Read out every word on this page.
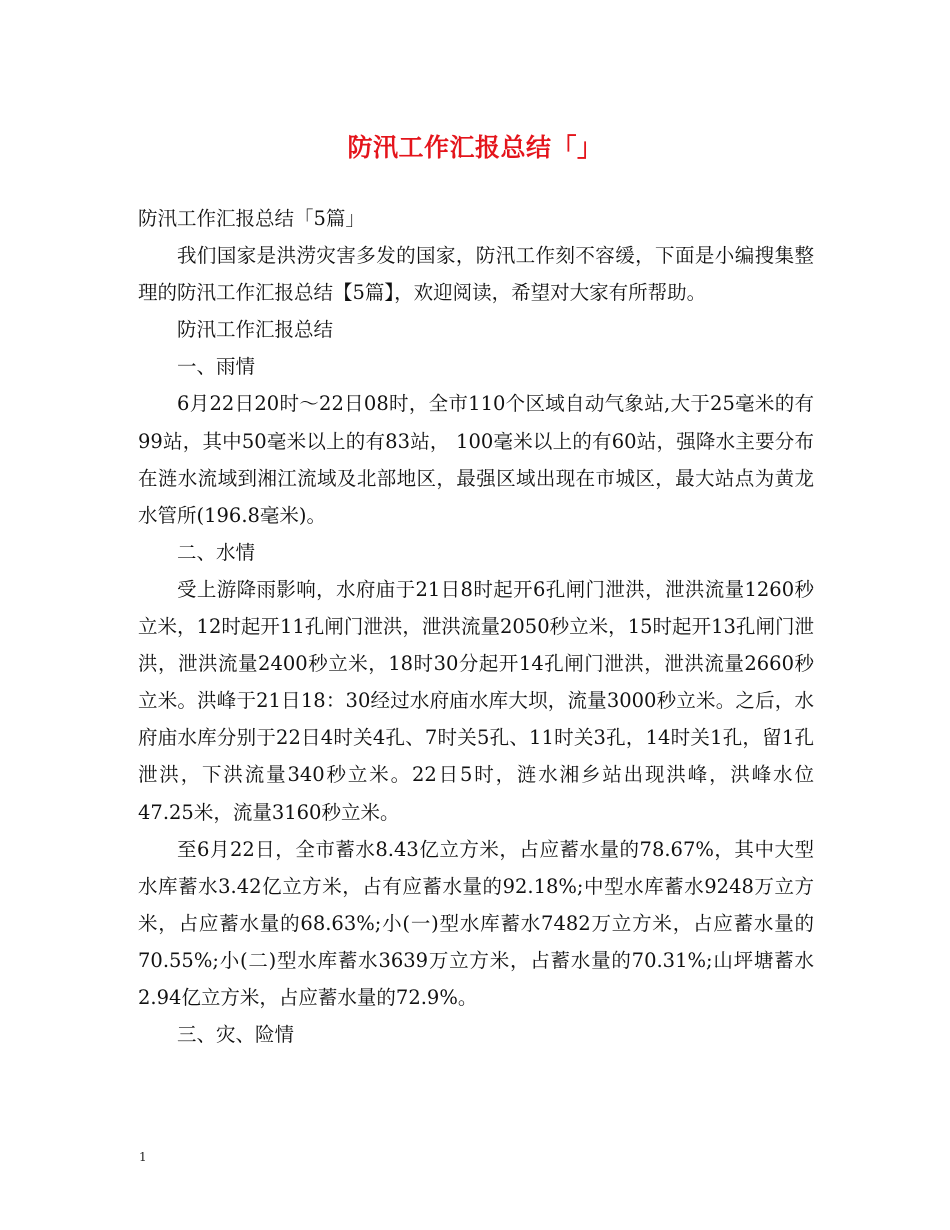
防汛工作汇报总结「」

防汛工作汇报总结「5篇」

我们国家是洪涝灾害多发的国家，防汛工作刻不容缓，下面是小编搜集整理的防汛工作汇报总结【5篇】，欢迎阅读，希望对大家有所帮助。

防汛工作汇报总结

一、雨情

6月22日20时～22日08时，全市110个区域自动气象站,大于25毫米的有99站，其中50毫米以上的有83站， 100毫米以上的有60站，强降水主要分布在涟水流域到湘江流域及北部地区，最强区域出现在市城区，最大站点为黄龙水管所(196.8毫米)。

二、水情

受上游降雨影响，水府庙于21日8时起开6孔闸门泄洪，泄洪流量1260秒立米，12时起开11孔闸门泄洪，泄洪流量2050秒立米，15时起开13孔闸门泄洪，泄洪流量2400秒立米，18时30分起开14孔闸门泄洪，泄洪流量2660秒立米。洪峰于21日18：30经过水府庙水库大坝，流量3000秒立米。之后，水府庙水库分别于22日4时关4孔、7时关5孔、11时关3孔，14时关1孔，留1孔泄洪，下洪流量340秒立米。22日5时，涟水湘乡站出现洪峰，洪峰水位47.25米，流量3160秒立米。

至6月22日，全市蓄水8.43亿立方米，占应蓄水量的78.67%，其中大型水库蓄水3.42亿立方米，占有应蓄水量的92.18%;中型水库蓄水9248万立方米，占应蓄水量的68.63%;小(一)型水库蓄水7482万立方米，占应蓄水量的70.55%;小(二)型水库蓄水3639万立方米，占蓄水量的70.31%;山坪塘蓄水2.94亿立方米，占应蓄水量的72.9%。

三、灾、险情

1
